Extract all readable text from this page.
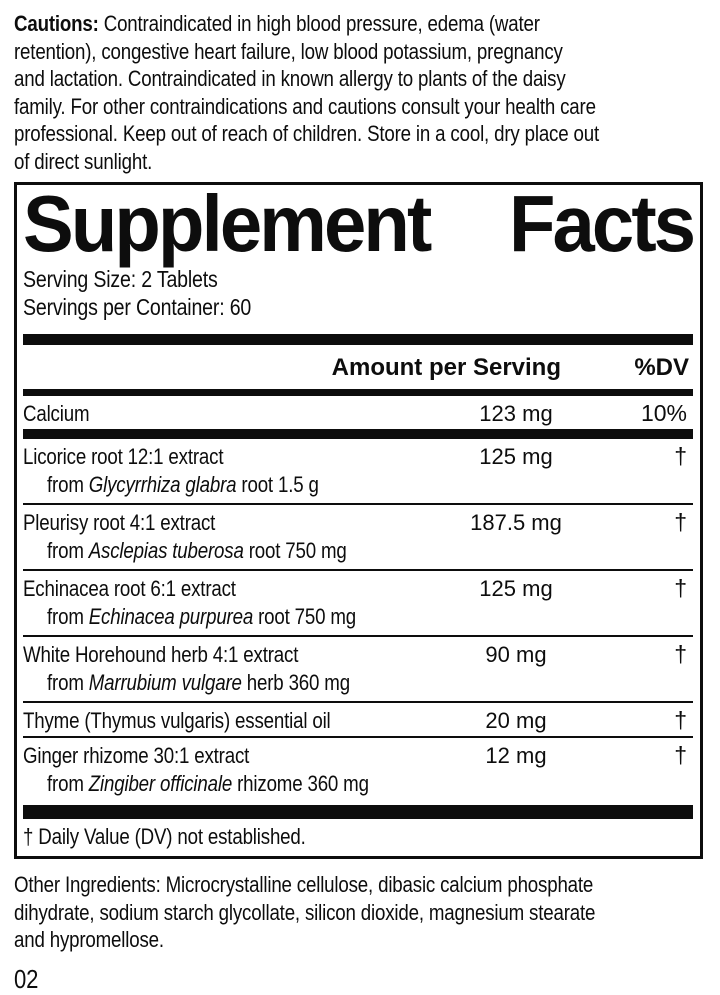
Cautions: Contraindicated in high blood pressure, edema (water
retention), congestive heart failure, low blood potassium, pregnancy
and lactation. Contraindicated in known allergy to plants of the daisy
family. For other contraindications and cautions consult your health care
professional. Keep out of reach of children. Store in a cool, dry place out
of direct sunlight.
Supplement Facts
Serving Size: 2 Tablets
Servings per Container: 60
Amount per Serving	%DV
Calcium	123 mg	10%
Licorice root 12:1 extract	125 mg	†
from Glycyrrhiza glabra root 1.5 g
Pleurisy root 4:1 extract	187.5 mg	†
from Asclepias tuberosa root 750 mg
Echinacea root 6:1 extract	125 mg	†
from Echinacea purpurea root 750 mg
White Horehound herb 4:1 extract	90 mg	†
from Marrubium vulgare herb 360 mg
Thyme (Thymus vulgaris) essential oil	20 mg	†
Ginger rhizome 30:1 extract	12 mg	†
from Zingiber officinale rhizome 360 mg
† Daily Value (DV) not established.
Other Ingredients: Microcrystalline cellulose, dibasic calcium phosphate
dihydrate, sodium starch glycollate, silicon dioxide, magnesium stearate
and hypromellose.
02
